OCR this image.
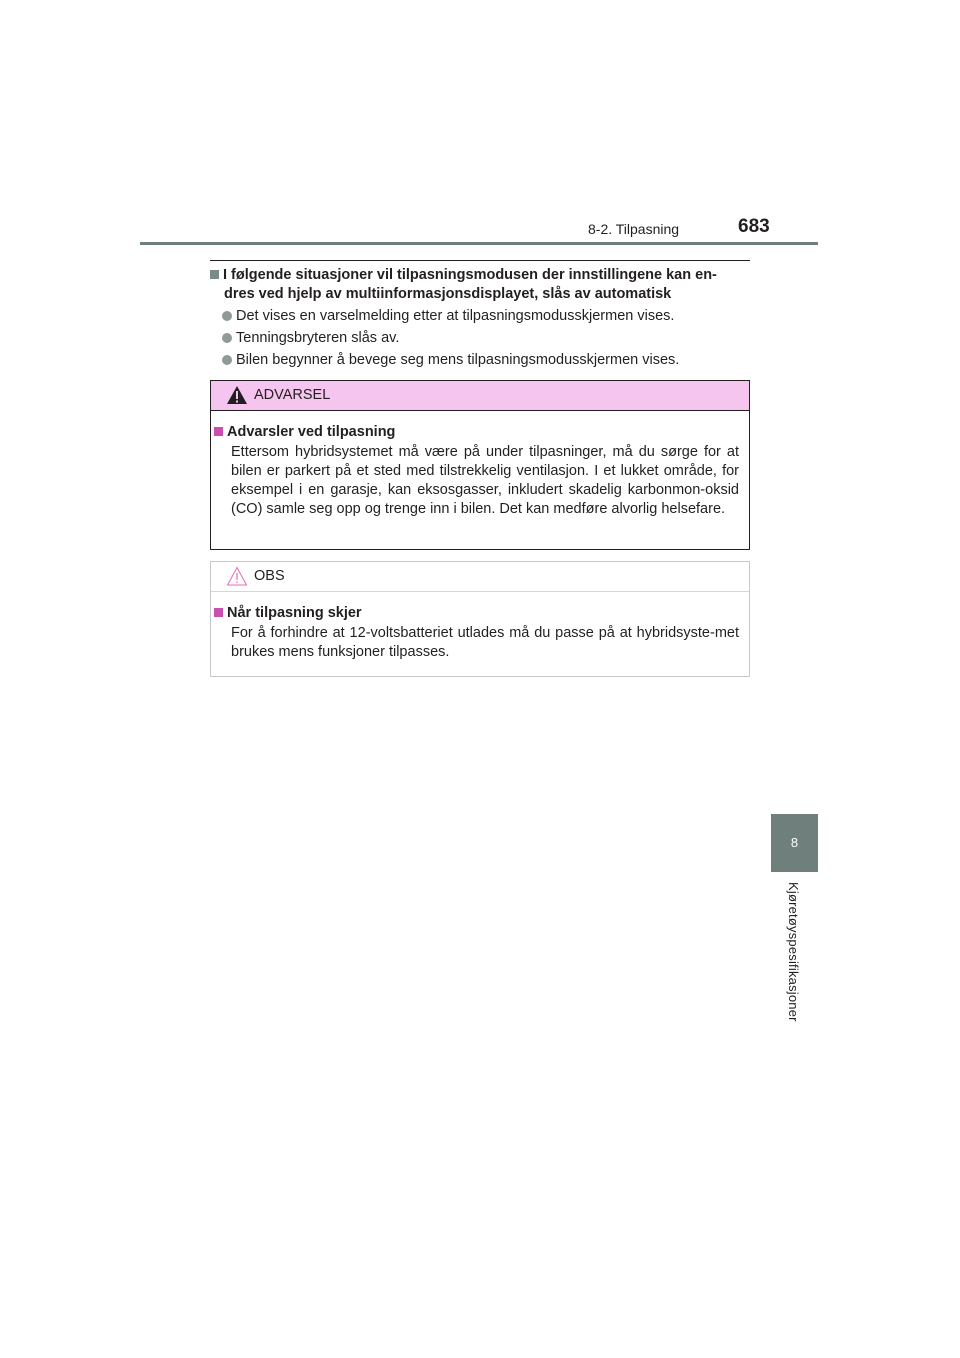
8-2. Tilpasning	683
8
Kjøretøyspesifikasjoner
I følgende situasjoner vil tilpasningsmodusen der innstillingene kan en-
dres ved hjelp av multiinformasjonsdisplayet, slås av automatisk
Det vises en varselmelding etter at tilpasningsmodusskjermen vises.
Tenningsbryteren slås av.
Bilen begynner å bevege seg mens tilpasningsmodusskjermen vises.
ADVARSEL
Advarsler ved tilpasning
Ettersom hybridsystemet må være på under tilpasninger, må du sørge for at bilen er parkert på et sted med tilstrekkelig ventilasjon. I et lukket område, for eksempel i en garasje, kan eksosgasser, inkludert skadelig karbonmon-oksid (CO) samle seg opp og trenge inn i bilen. Det kan medføre alvorlig helsefare.
OBS
Når tilpasning skjer
For å forhindre at 12-voltsbatteriet utlades må du passe på at hybridsyste-met brukes mens funksjoner tilpasses.
